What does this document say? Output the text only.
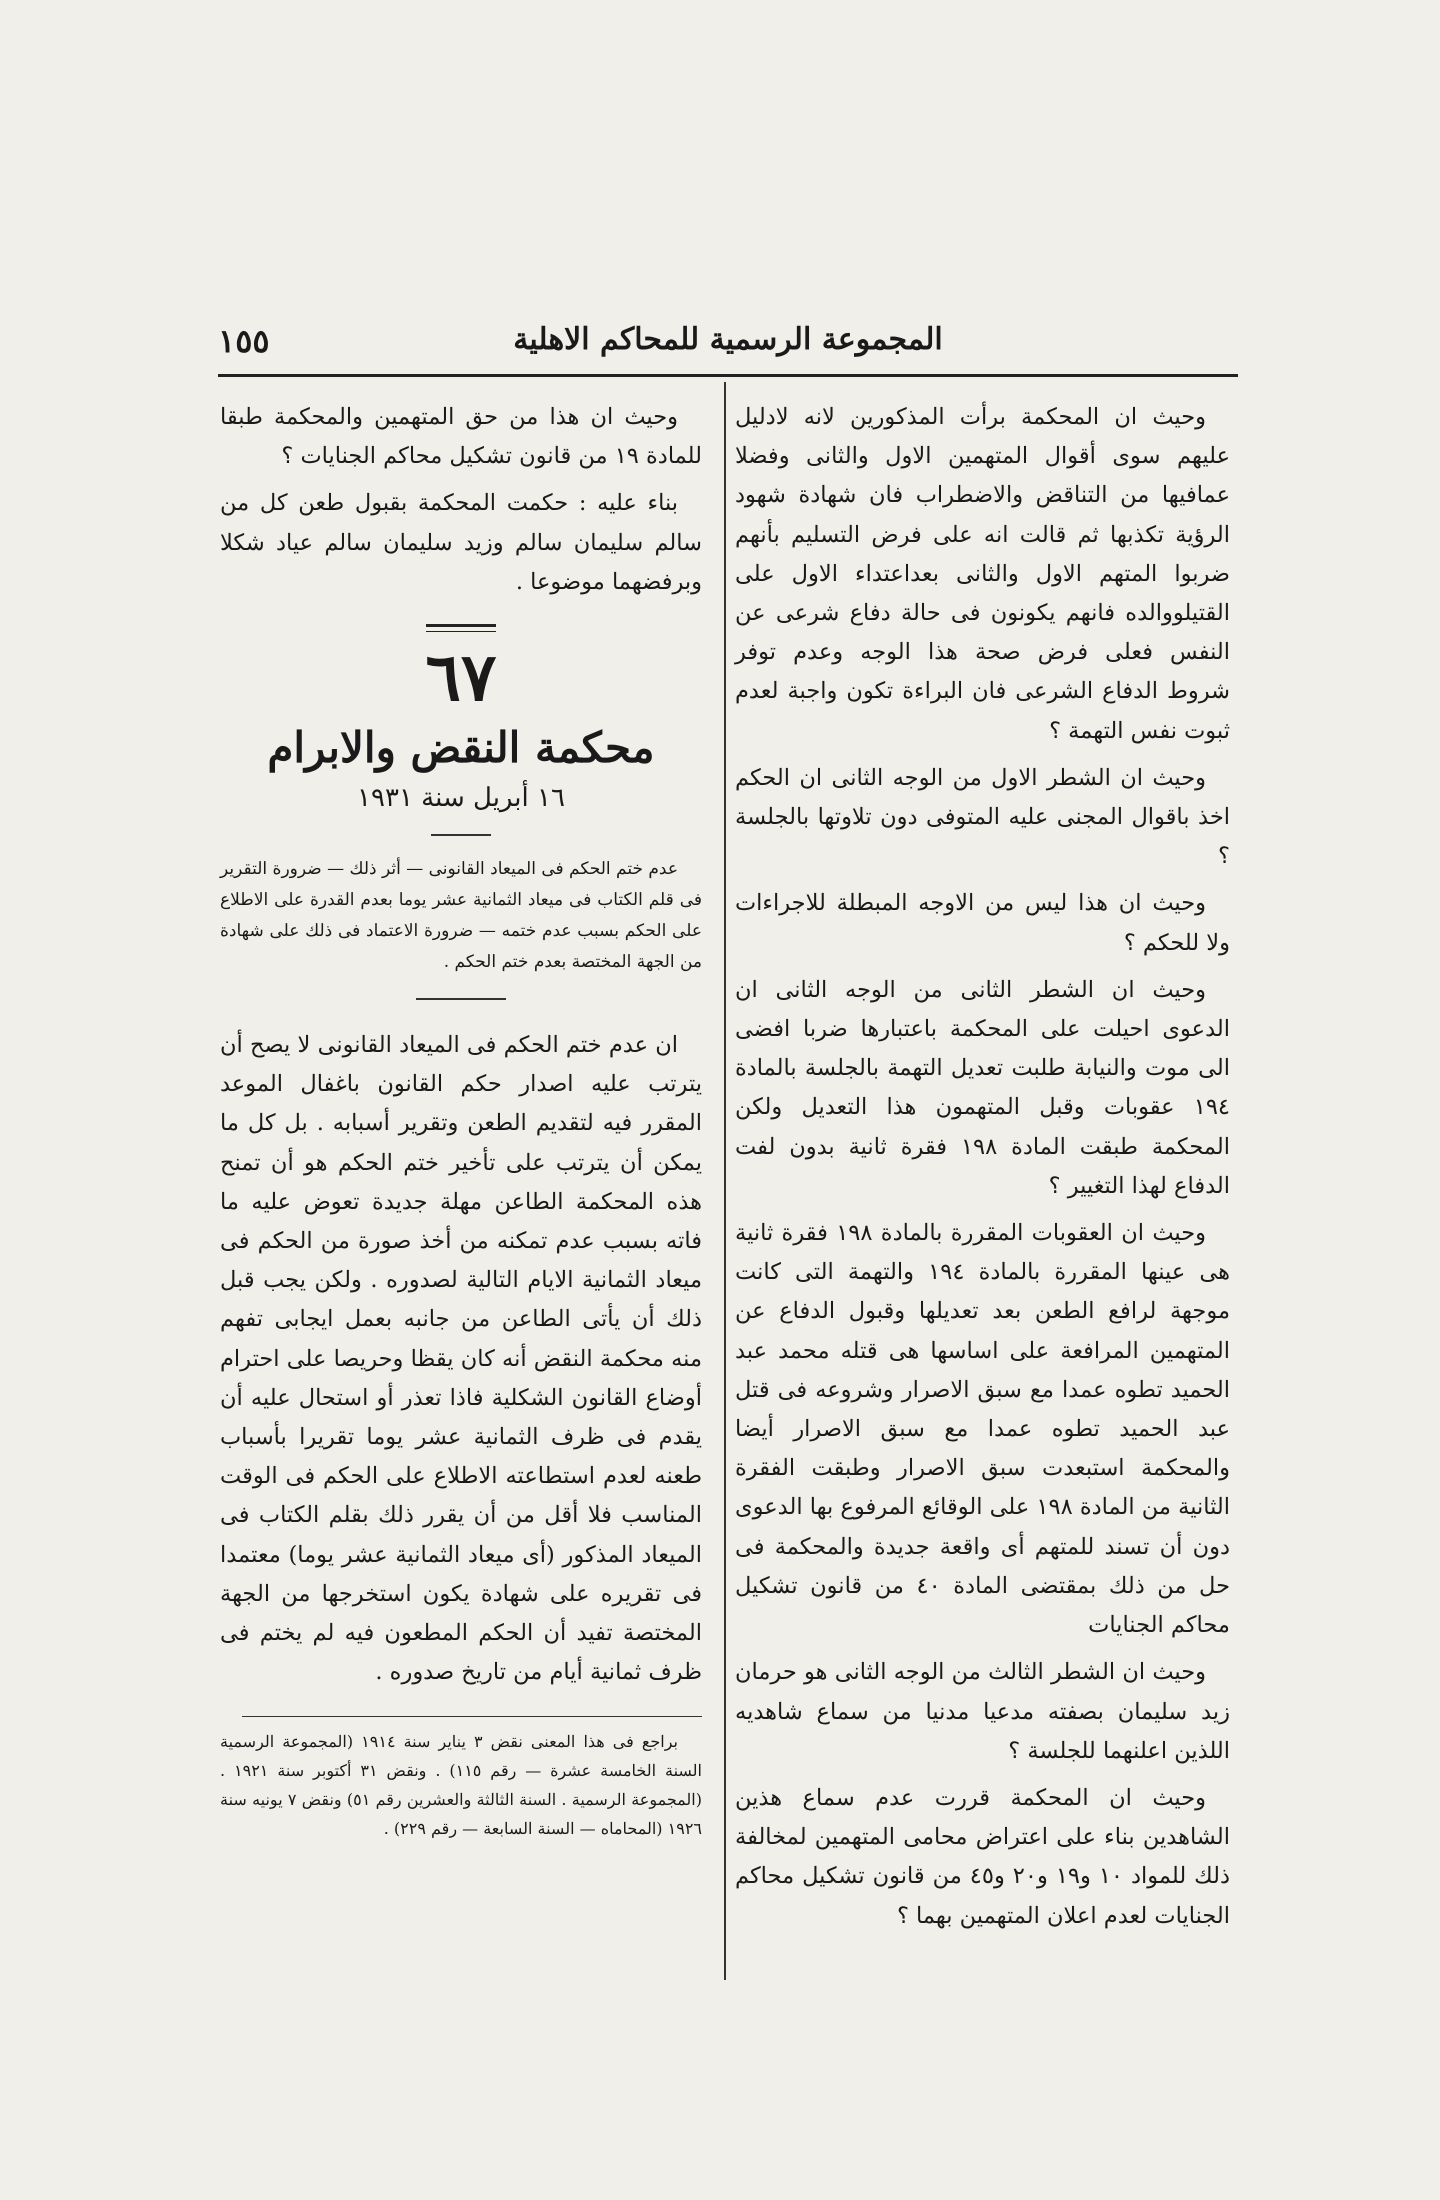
المجموعة الرسمية للمحاكم الاهلية
١٥٥

وحيث ان المحكمة برأت المذكورين لانه لادليل عليهم سوى أقوال المتهمين الاول والثانى وفضلا عمافيها من التناقض والاضطراب فان شهادة شهود الرؤية تكذبها ثم قالت انه على فرض التسليم بأنهم ضربوا المتهم الاول والثانى بعداعتداء الاول على القتيلووالده فانهم يكونون فى حالة دفاع شرعى عن النفس فعلى فرض صحة هذا الوجه وعدم توفر شروط الدفاع الشرعى فان البراءة تكون واجبة لعدم ثبوت نفس التهمة ؟

وحيث ان الشطر الاول من الوجه الثانى ان الحكم اخذ باقوال المجنى عليه المتوفى دون تلاوتها بالجلسة ؟

وحيث ان هذا ليس من الاوجه المبطلة للاجراءات ولا للحكم ؟

وحيث ان الشطر الثانى من الوجه الثانى ان الدعوى احيلت على المحكمة باعتبارها ضربا افضى الى موت والنيابة طلبت تعديل التهمة بالجلسة بالمادة ١٩٤ عقوبات وقبل المتهمون هذا التعديل ولكن المحكمة طبقت المادة ١٩٨ فقرة ثانية بدون لفت الدفاع لهذا التغيير ؟

وحيث ان العقوبات المقررة بالمادة ١٩٨ فقرة ثانية هى عينها المقررة بالمادة ١٩٤ والتهمة التى كانت موجهة لرافع الطعن بعد تعديلها وقبول الدفاع عن المتهمين المرافعة على اساسها هى قتله محمد عبد الحميد تطوه عمدا مع سبق الاصرار وشروعه فى قتل عبد الحميد تطوه عمدا مع سبق الاصرار أيضا والمحكمة استبعدت سبق الاصرار وطبقت الفقرة الثانية من المادة ١٩٨ على الوقائع المرفوع بها الدعوى دون أن تسند للمتهم أى واقعة جديدة والمحكمة فى حل من ذلك بمقتضى المادة ٤٠ من قانون تشكيل محاكم الجنايات

وحيث ان الشطر الثالث من الوجه الثانى هو حرمان زيد سليمان بصفته مدعيا مدنيا من سماع شاهديه اللذين اعلنهما للجلسة ؟

وحيث ان المحكمة قررت عدم سماع هذين الشاهدين بناء على اعتراض محامى المتهمين لمخالفة ذلك للمواد ١٠ و١٩ و٢٠ و٤٥ من قانون تشكيل محاكم الجنايات لعدم اعلان المتهمين بهما ؟

وحيث ان هذا من حق المتهمين والمحكمة طبقا للمادة ١٩ من قانون تشكيل محاكم الجنايات ؟

بناء عليه : حكمت المحكمة بقبول طعن كل من سالم سليمان سالم وزيد سليمان سالم عياد شكلا وبرفضهما موضوعا .

٦٧
محكمة النقض والابرام
١٦ أبريل سنة ١٩٣١

عدم ختم الحكم فى الميعاد القانونى — أثر ذلك — ضرورة التقرير فى قلم الكتاب فى ميعاد الثمانية عشر يوما بعدم القدرة على الاطلاع على الحكم بسبب عدم ختمه — ضرورة الاعتماد فى ذلك على شهادة من الجهة المختصة بعدم ختم الحكم .

ان عدم ختم الحكم فى الميعاد القانونى لا يصح أن يترتب عليه اصدار حكم القانون باغفال الموعد المقرر فيه لتقديم الطعن وتقرير أسبابه . بل كل ما يمكن أن يترتب على تأخير ختم الحكم هو أن تمنح هذه المحكمة الطاعن مهلة جديدة تعوض عليه ما فاته بسبب عدم تمكنه من أخذ صورة من الحكم فى ميعاد الثمانية الايام التالية لصدوره . ولكن يجب قبل ذلك أن يأتى الطاعن من جانبه بعمل ايجابى تفهم منه محكمة النقض أنه كان يقظا وحريصا على احترام أوضاع القانون الشكلية فاذا تعذر أو استحال عليه أن يقدم فى ظرف الثمانية عشر يوما تقريرا بأسباب طعنه لعدم استطاعته الاطلاع على الحكم فى الوقت المناسب فلا أقل من أن يقرر ذلك بقلم الكتاب فى الميعاد المذكور (أى ميعاد الثمانية عشر يوما) معتمدا فى تقريره على شهادة يكون استخرجها من الجهة المختصة تفيد أن الحكم المطعون فيه لم يختم فى ظرف ثمانية أيام من تاريخ صدوره .

براجع فى هذا المعنى نقض ٣ يناير سنة ١٩١٤ (المجموعة الرسمية السنة الخامسة عشرة — رقم ١١٥) . ونقض ٣١ أكتوبر سنة ١٩٢١ . (المجموعة الرسمية . السنة الثالثة والعشرين رقم ٥١) ونقض ٧ يونيه سنة ١٩٢٦ (المحاماه — السنة السابعة — رقم ٢٢٩) .
